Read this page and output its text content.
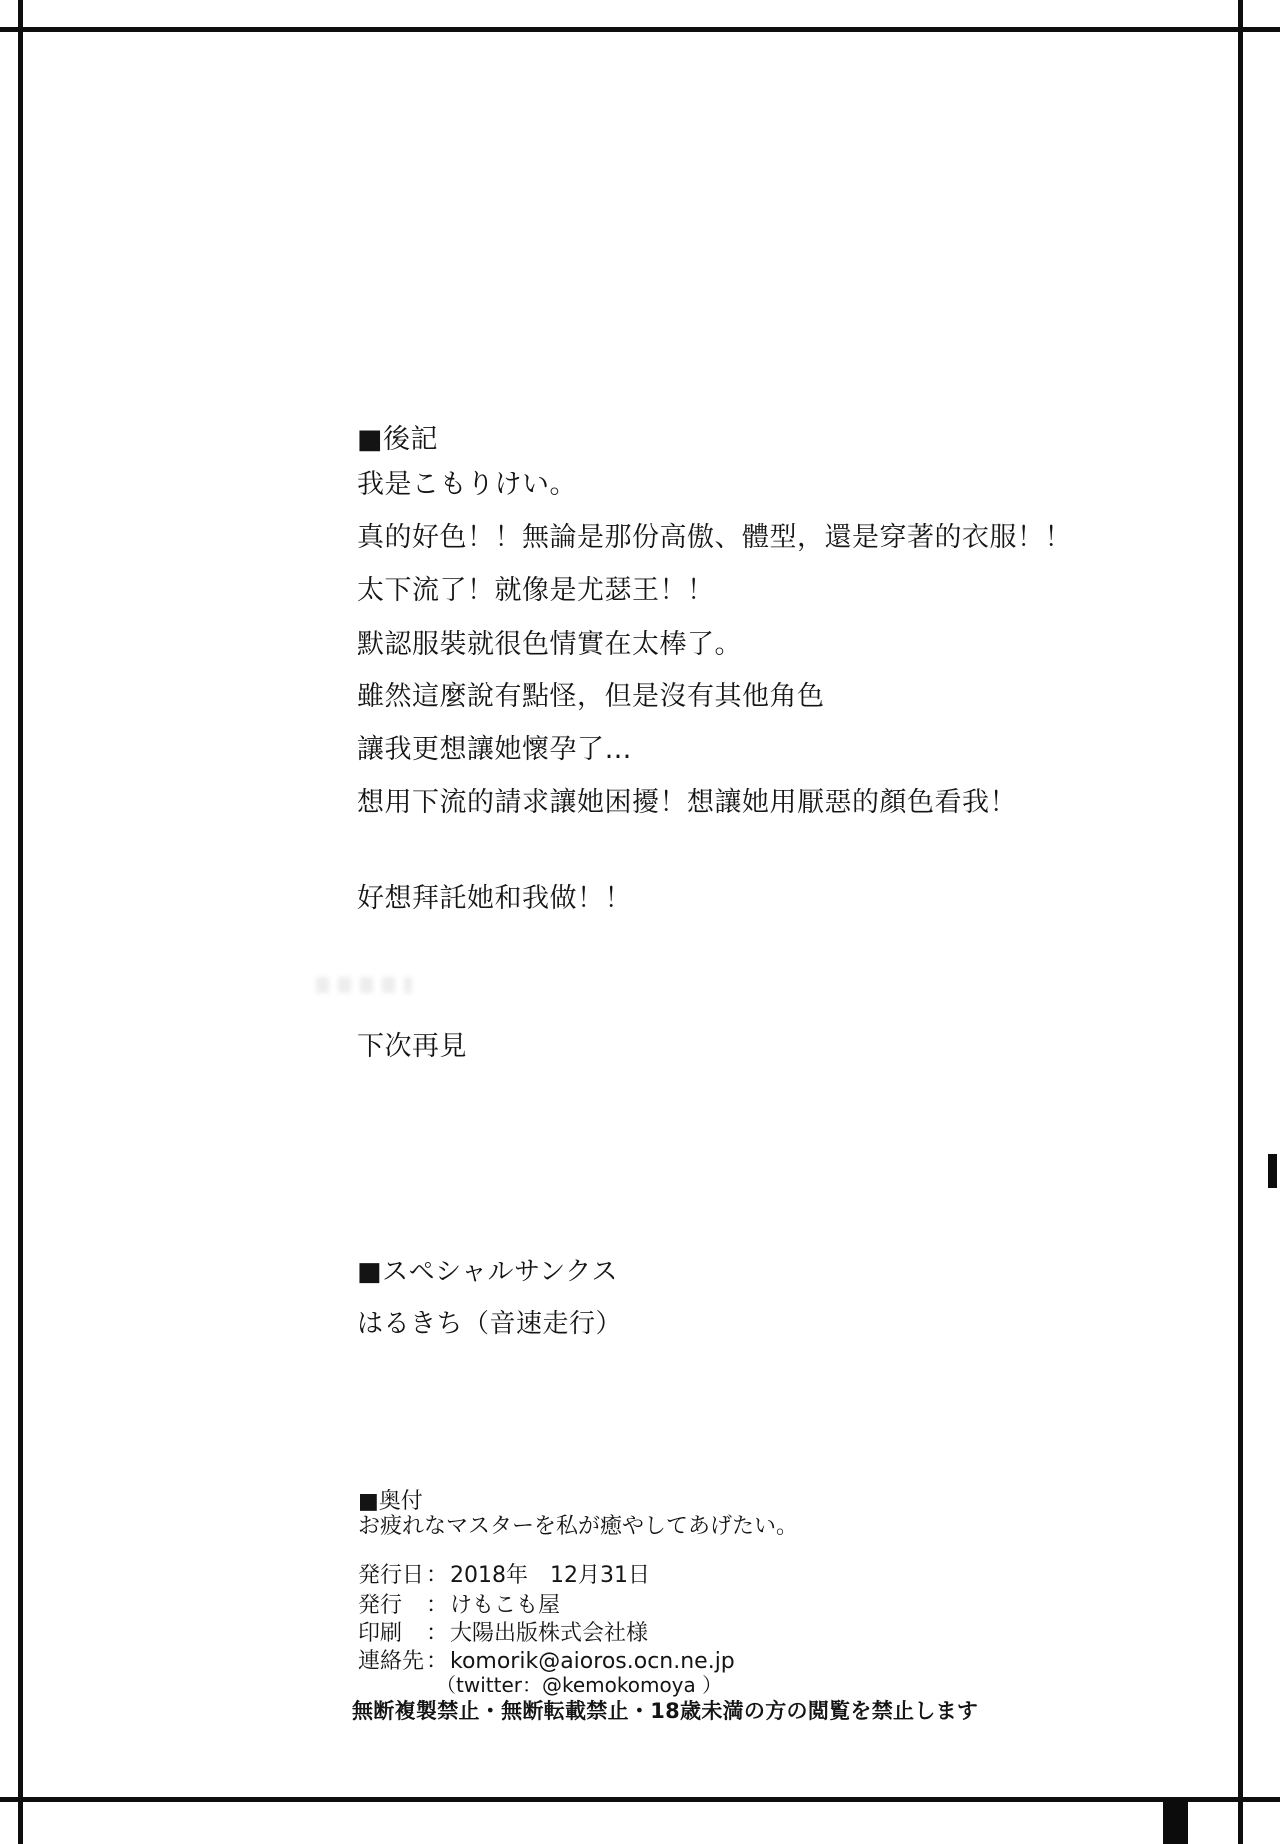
■後記
我是こもりけい。
真的好色！！無論是那份高傲、體型，還是穿著的衣服！！
太下流了！就像是尤瑟王！！
默認服裝就很色情實在太棒了。
雖然這麼說有點怪，但是沒有其他角色
讓我更想讓她懷孕了…
想用下流的請求讓她困擾！想讓她用厭惡的顏色看我！
好想拜託她和我做！！
下次再見
■スペシャルサンクス
はるきち（音速走行）
■奥付
お疲れなマスターを私が癒やしてあげたい。
発行日 ： 2018年　12月31日
発行	： けもこも屋
印刷	： 大陽出版株式会社様
連絡先 ： komorik@aioros.ocn.ne.jp
（twitter：@kemokomoya ）
無断複製禁止・無断転載禁止・18歳未満の方の閲覧を禁止します
